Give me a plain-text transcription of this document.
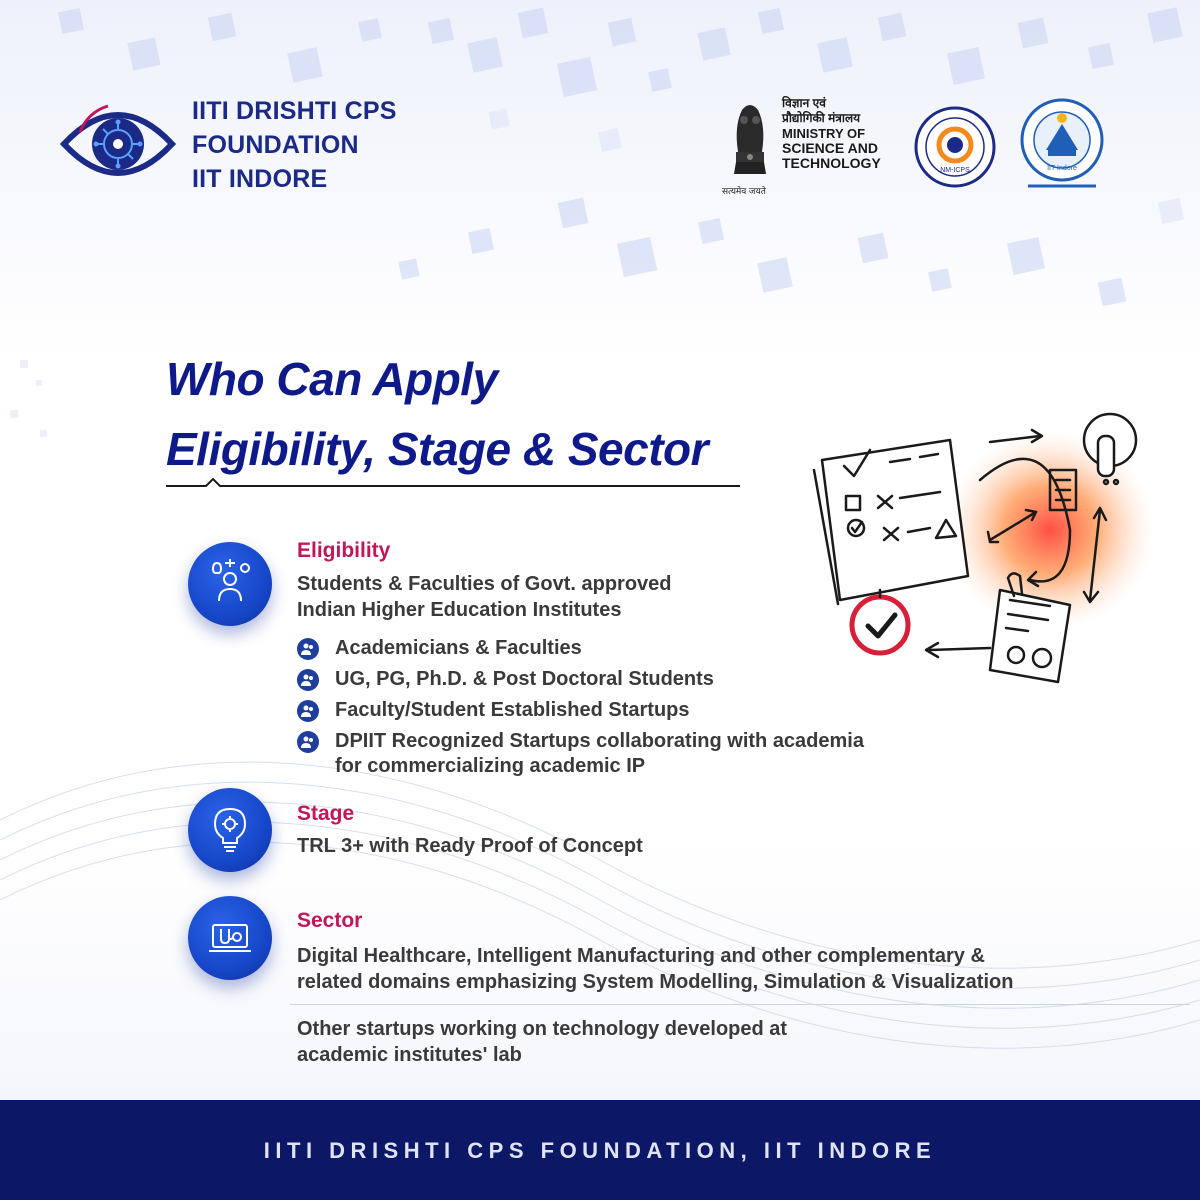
IITI DRISHTI CPS
FOUNDATION
IIT INDORE	सत्यमेव जयते
विज्ञान एवं
प्रौद्योगिकी मंत्रालय
MINISTRY OF
SCIENCE AND
TECHNOLOGY	NM-ICPS	IIT Indore
Who Can Apply
Eligibility, Stage & Sector
Eligibility
Students & Faculties of Govt. approved
Indian Higher Education Institutes
Academicians & Faculties
UG, PG, Ph.D. & Post Doctoral Students
Faculty/Student Established Startups
DPIIT Recognized Startups collaborating with academia
for commercializing academic IP
Stage
TRL 3+ with Ready Proof of Concept
Sector
Digital Healthcare, Intelligent Manufacturing and other complementary &
related domains emphasizing System Modelling, Simulation & Visualization
Other startups working on technology developed at
academic institutes' lab
IITI DRISHTI CPS FOUNDATION, IIT INDORE
